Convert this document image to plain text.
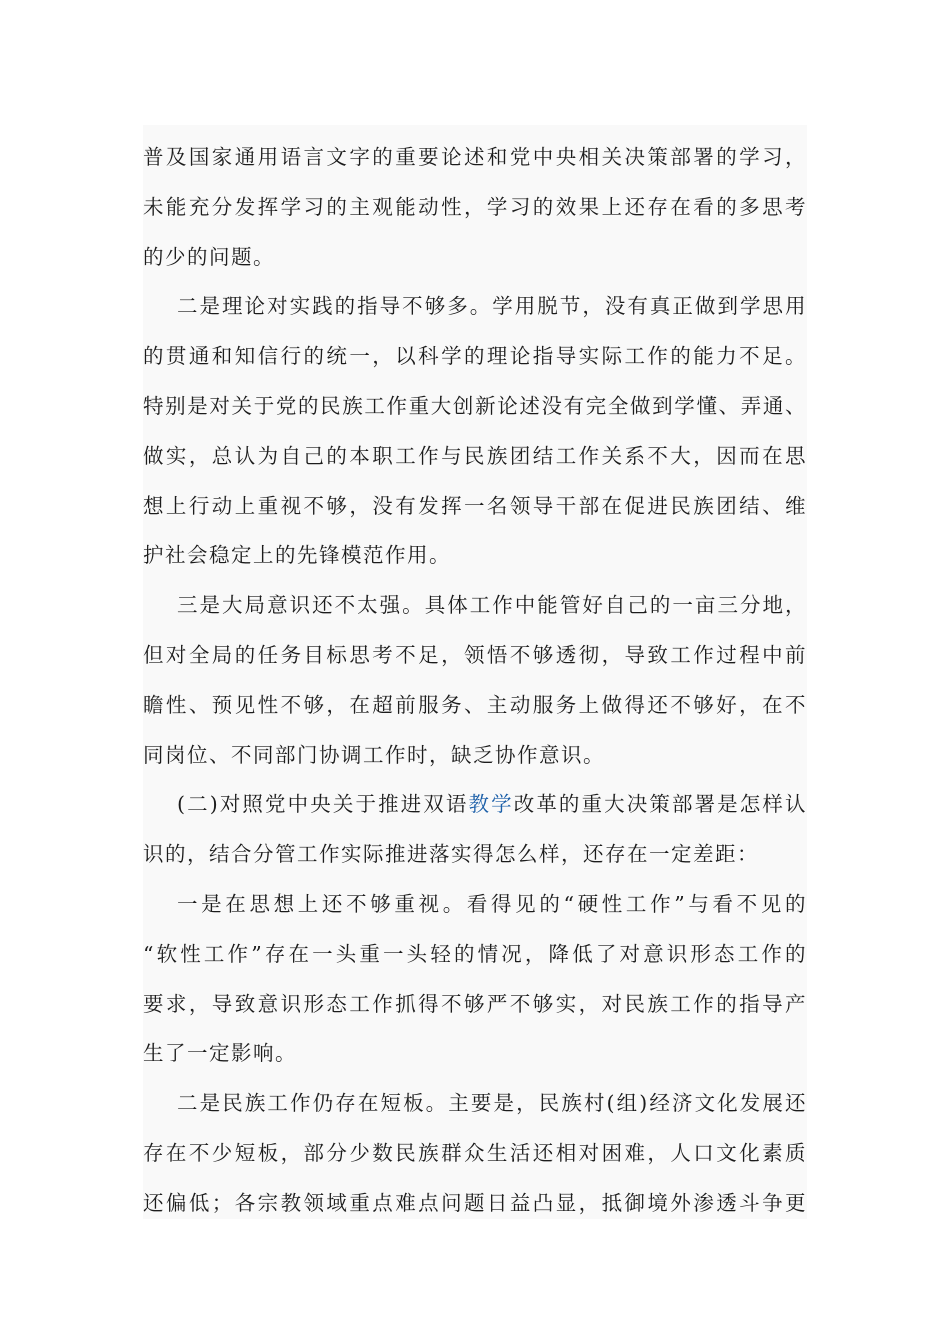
普及国家通用语言文字的重要论述和党中央相关决策部署的学习，
未能充分发挥学习的主观能动性，学习的效果上还存在看的多思考
的少的问题。
二是理论对实践的指导不够多。学用脱节，没有真正做到学思用
的贯通和知信行的统一，以科学的理论指导实际工作的能力不足。
特别是对关于党的民族工作重大创新论述没有完全做到学懂、弄通、
做实，总认为自己的本职工作与民族团结工作关系不大，因而在思
想上行动上重视不够，没有发挥一名领导干部在促进民族团结、维
护社会稳定上的先锋模范作用。
三是大局意识还不太强。具体工作中能管好自己的一亩三分地，
但对全局的任务目标思考不足，领悟不够透彻，导致工作过程中前
瞻性、预见性不够，在超前服务、主动服务上做得还不够好，在不
同岗位、不同部门协调工作时，缺乏协作意识。
(二)对照党中央关于推进双语教学改革的重大决策部署是怎样认
识的，结合分管工作实际推进落实得怎么样，还存在一定差距：
一是在思想上还不够重视。看得见的“硬性工作”与看不见的
“软性工作”存在一头重一头轻的情况，降低了对意识形态工作的
要求，导致意识形态工作抓得不够严不够实，对民族工作的指导产
生了一定影响。
二是民族工作仍存在短板。主要是，民族村(组)经济文化发展还
存在不少短板，部分少数民族群众生活还相对困难，人口文化素质
还偏低；各宗教领域重点难点问题日益凸显，抵御境外渗透斗争更
